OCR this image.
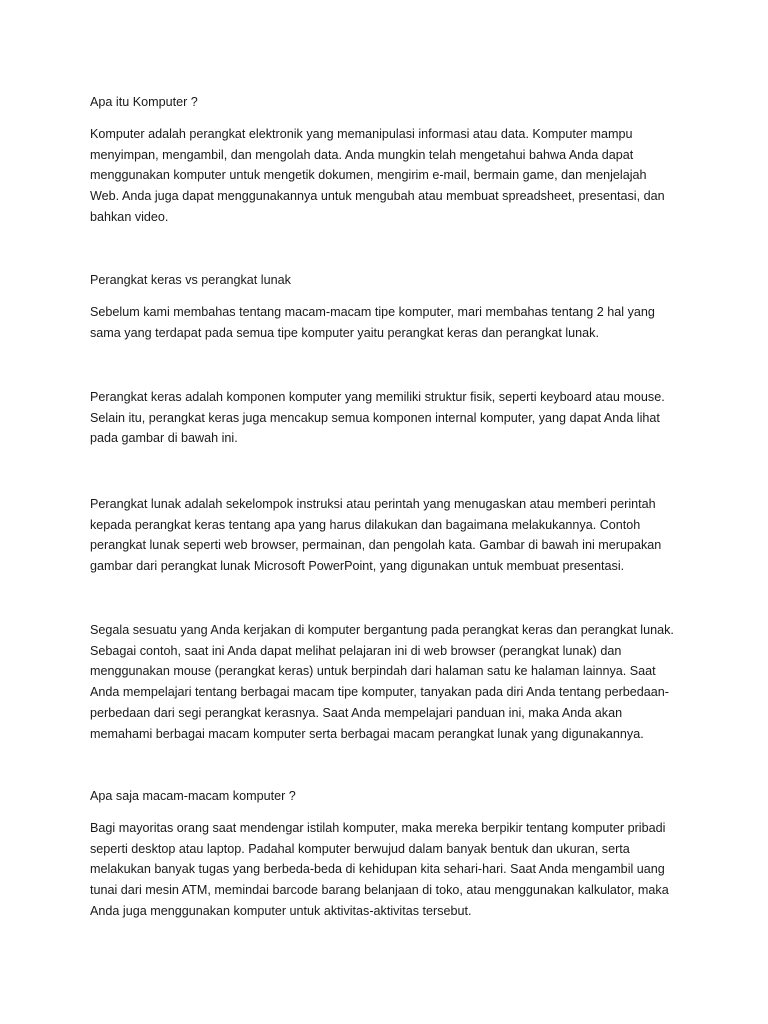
Apa itu Komputer ?

Komputer adalah perangkat elektronik yang memanipulasi informasi atau data. Komputer mampu
menyimpan, mengambil, dan mengolah data. Anda mungkin telah mengetahui bahwa Anda dapat
menggunakan komputer untuk mengetik dokumen, mengirim e-mail, bermain game, dan menjelajah
Web. Anda juga dapat menggunakannya untuk mengubah atau membuat spreadsheet, presentasi, dan
bahkan video.

Perangkat keras vs perangkat lunak

Sebelum kami membahas tentang macam-macam tipe komputer, mari membahas tentang 2 hal yang
sama yang terdapat pada semua tipe komputer yaitu perangkat keras dan perangkat lunak.

Perangkat keras adalah komponen komputer yang memiliki struktur fisik, seperti keyboard atau mouse.
Selain itu, perangkat keras juga mencakup semua komponen internal komputer, yang dapat Anda lihat
pada gambar di bawah ini.

Perangkat lunak adalah sekelompok instruksi atau perintah yang menugaskan atau memberi perintah
kepada perangkat keras tentang apa yang harus dilakukan dan bagaimana melakukannya. Contoh
perangkat lunak seperti web browser, permainan, dan pengolah kata. Gambar di bawah ini merupakan
gambar dari perangkat lunak Microsoft PowerPoint, yang digunakan untuk membuat presentasi.

Segala sesuatu yang Anda kerjakan di komputer bergantung pada perangkat keras dan perangkat lunak.
Sebagai contoh, saat ini Anda dapat melihat pelajaran ini di web browser (perangkat lunak) dan
menggunakan mouse (perangkat keras) untuk berpindah dari halaman satu ke halaman lainnya. Saat
Anda mempelajari tentang berbagai macam tipe komputer, tanyakan pada diri Anda tentang perbedaan-
perbedaan dari segi perangkat kerasnya. Saat Anda mempelajari panduan ini, maka Anda akan
memahami berbagai macam komputer serta berbagai macam perangkat lunak yang digunakannya.

Apa saja macam-macam komputer ?

Bagi mayoritas orang saat mendengar istilah komputer, maka mereka berpikir tentang komputer pribadi
seperti desktop atau laptop. Padahal komputer berwujud dalam banyak bentuk dan ukuran, serta
melakukan banyak tugas yang berbeda-beda di kehidupan kita sehari-hari. Saat Anda mengambil uang
tunai dari mesin ATM, memindai barcode barang belanjaan di toko, atau menggunakan kalkulator, maka
Anda juga menggunakan komputer untuk aktivitas-aktivitas tersebut.
